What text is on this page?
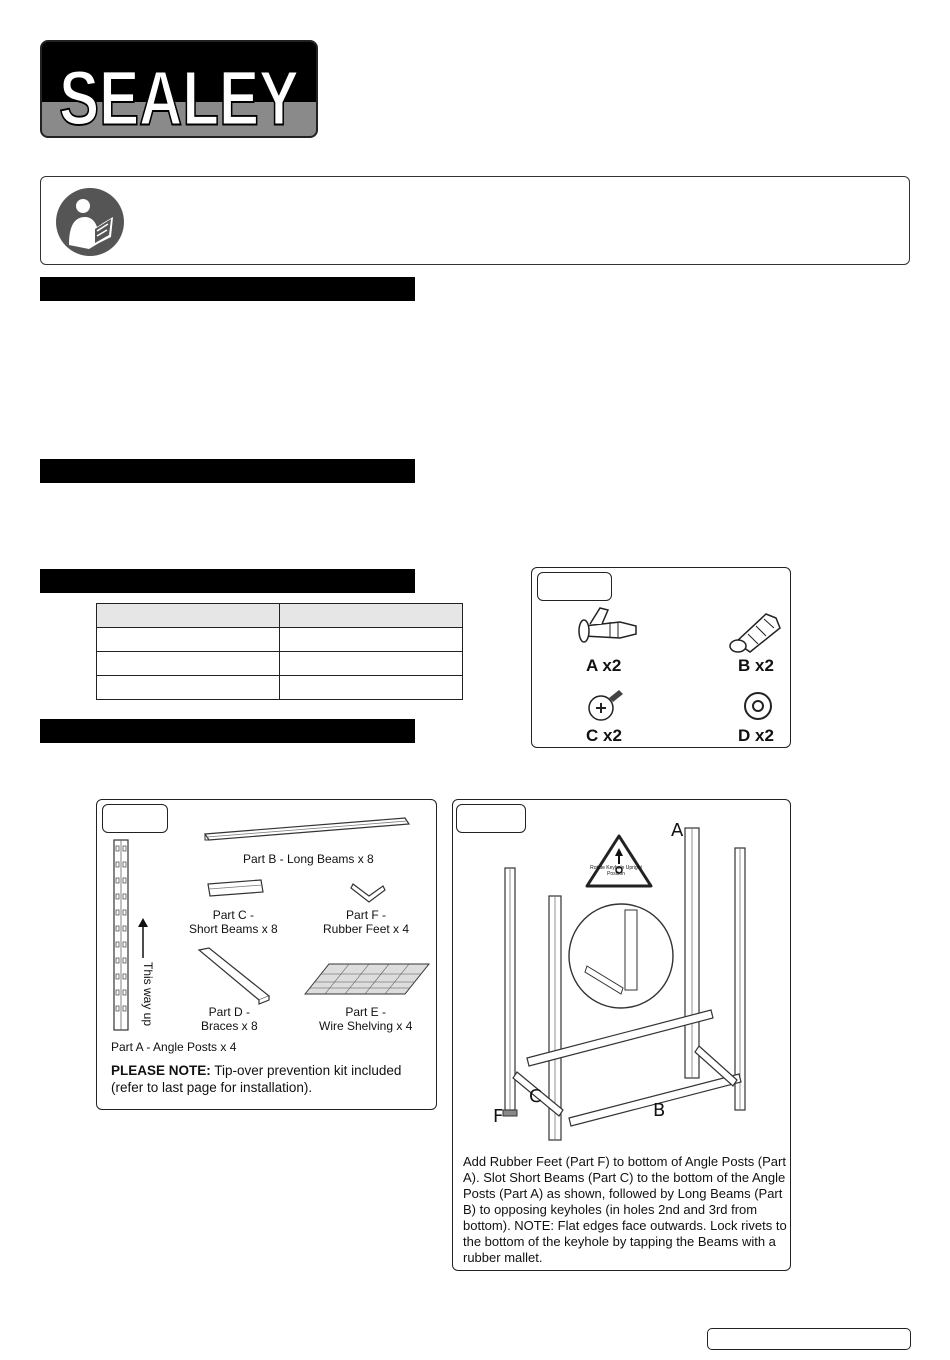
SEALEY

A x2	B x2
C x2	D x2
This way up
Part B - Long Beams x 8
Part C -
Short Beams x 8
Part F -
Rubber Feet x 4
Part D -
Braces x 8
Part E -
Wire Shelving x 4
Part A - Angle Posts x 4
PLEASE NOTE: Tip-over prevention kit included (refer to last page for installation).
Rotate Keyhole Upright Position
A
B
C
F
Add Rubber Feet (Part F) to bottom of Angle Posts (Part A). Slot Short Beams (Part C) to the bottom of the Angle Posts (Part A) as shown, followed by Long Beams (Part B) to opposing keyholes (in holes 2nd and 3rd from bottom). NOTE: Flat edges face outwards. Lock rivets to the bottom of the keyhole by tapping the Beams with a rubber mallet.
